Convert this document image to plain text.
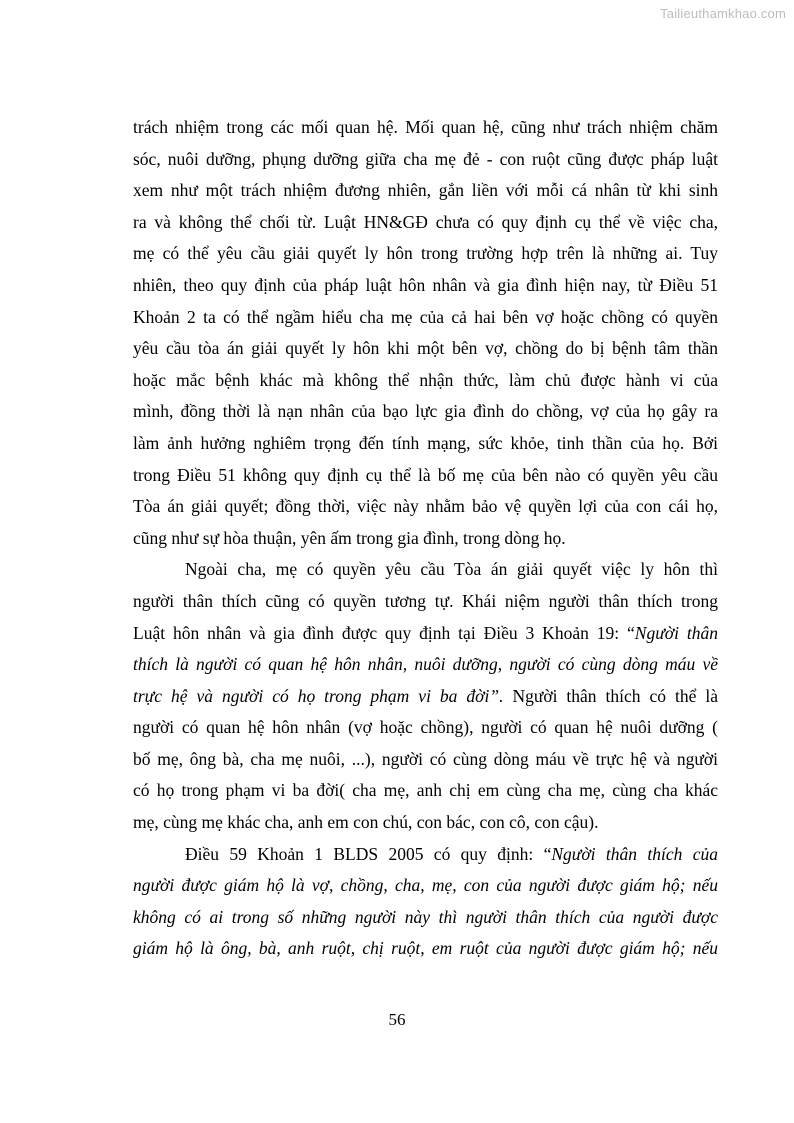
Tailieuthamkhao.com
trách nhiệm trong các mối quan hệ. Mối quan hệ, cũng như trách nhiệm chăm
sóc, nuôi dưỡng, phụng dưỡng giữa cha mẹ đẻ - con ruột cũng được pháp luật
xem như một trách nhiệm đương nhiên, gắn liền với mỗi cá nhân từ khi sinh
ra và không thể chối từ. Luật HN&GĐ chưa có quy định cụ thể về việc cha,
mẹ có thể yêu cầu giải quyết ly hôn trong trường hợp trên là những ai. Tuy
nhiên, theo quy định của pháp luật hôn nhân và gia đình hiện nay, từ Điều 51
Khoản 2 ta có thể ngầm hiểu cha mẹ của cả hai bên vợ hoặc chồng có quyền
yêu cầu tòa án giải quyết ly hôn khi một bên vợ, chồng do bị bệnh tâm thần
hoặc mắc bệnh khác mà không thể nhận thức, làm chủ được hành vi của
mình, đồng thời là nạn nhân của bạo lực gia đình do chồng, vợ của họ gây ra
làm ảnh hưởng nghiêm trọng đến tính mạng, sức khỏe, tinh thần của họ. Bởi
trong Điều 51 không quy định cụ thể là bố mẹ của bên nào có quyền yêu cầu
Tòa án giải quyết; đồng thời, việc này nhằm bảo vệ quyền lợi của con cái họ,
cũng như sự hòa thuận, yên ấm trong gia đình, trong dòng họ.
Ngoài cha, mẹ có quyền yêu cầu Tòa án giải quyết việc ly hôn thì
người thân thích cũng có quyền tương tự. Khái niệm người thân thích trong
Luật hôn nhân và gia đình được quy định tại Điều 3 Khoản 19: “Người thân
thích là người có quan hệ hôn nhân, nuôi dưỡng, người có cùng dòng máu về
trực hệ và người có họ trong phạm vi ba đời”. Người thân thích có thể là
người có quan hệ hôn nhân (vợ hoặc chồng), người có quan hệ nuôi dưỡng (
bố mẹ, ông bà, cha mẹ nuôi, ...), người có cùng dòng máu về trực hệ và người
có họ trong phạm vi ba đời( cha mẹ, anh chị em cùng cha mẹ, cùng cha khác
mẹ, cùng mẹ khác cha, anh em con chú, con bác, con cô, con cậu).
Điều 59 Khoản 1 BLDS 2005 có quy định: “Người thân thích của
người được giám hộ là vợ, chồng, cha, mẹ, con của người được giám hộ; nếu
không có ai trong số những người này thì người thân thích của người được
giám hộ là ông, bà, anh ruột, chị ruột, em ruột của người được giám hộ; nếu
56
